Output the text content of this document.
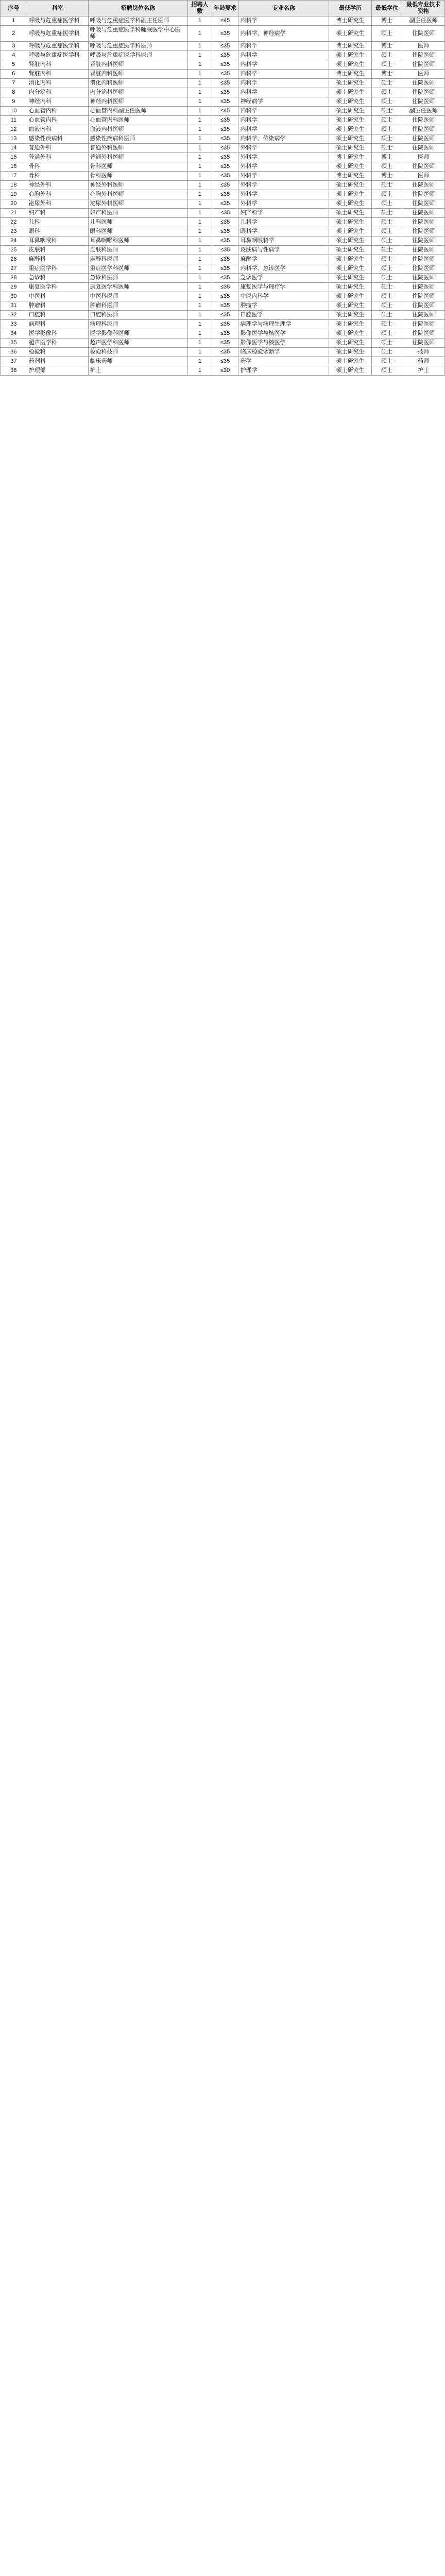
序号	科室	招聘岗位名称	招聘人数	年龄要求	专业名称	最低学历	最低学位	最低专业技术资格
1	呼吸与危重症医学科	呼吸与危重症医学科副主任医师	1	≤45	内科学	博士研究生	博士	副主任医师
2	呼吸与危重症医学科	呼吸与危重症医学科睡眠医学中心医师	1	≤35	内科学、神经病学	硕士研究生	硕士	住院医师
3	呼吸与危重症医学科	呼吸与危重症医学科医师	1	≤35	内科学	博士研究生	博士	医师
4	呼吸与危重症医学科	呼吸与危重症医学科医师	1	≤35	内科学	硕士研究生	硕士	住院医师
5	肾脏内科	肾脏内科医师	1	≤35	内科学	硕士研究生	硕士	住院医师
6	肾脏内科	肾脏内科医师	1	≤35	内科学	博士研究生	博士	医师
7	消化内科	消化内科医师	1	≤35	内科学	硕士研究生	硕士	住院医师
8	内分泌科	内分泌科医师	1	≤35	内科学	硕士研究生	硕士	住院医师
9	神经内科	神经内科医师	1	≤35	神经病学	硕士研究生	硕士	住院医师
10	心血管内科	心血管内科副主任医师	1	≤45	内科学	硕士研究生	硕士	副主任医师
11	心血管内科	心血管内科医师	1	≤35	内科学	硕士研究生	硕士	住院医师
12	血液内科	血液内科医师	1	≤35	内科学	硕士研究生	硕士	住院医师
13	感染性疾病科	感染性疾病科医师	1	≤35	内科学、传染病学	硕士研究生	硕士	住院医师
14	普通外科	普通外科医师	1	≤35	外科学	硕士研究生	硕士	住院医师
15	普通外科	普通外科医师	1	≤35	外科学	博士研究生	博士	医师
16	骨科	骨科医师	1	≤35	外科学	硕士研究生	硕士	住院医师
17	骨科	骨科医师	1	≤35	外科学	博士研究生	博士	医师
18	神经外科	神经外科医师	1	≤35	外科学	硕士研究生	硕士	住院医师
19	心胸外科	心胸外科医师	1	≤35	外科学	硕士研究生	硕士	住院医师
20	泌尿外科	泌尿外科医师	1	≤35	外科学	硕士研究生	硕士	住院医师
21	妇产科	妇产科医师	1	≤35	妇产科学	硕士研究生	硕士	住院医师
22	儿科	儿科医师	1	≤35	儿科学	硕士研究生	硕士	住院医师
23	眼科	眼科医师	1	≤35	眼科学	硕士研究生	硕士	住院医师
24	耳鼻咽喉科	耳鼻咽喉科医师	1	≤35	耳鼻咽喉科学	硕士研究生	硕士	住院医师
25	皮肤科	皮肤科医师	1	≤35	皮肤病与性病学	硕士研究生	硕士	住院医师
26	麻醉科	麻醉科医师	1	≤35	麻醉学	硕士研究生	硕士	住院医师
27	重症医学科	重症医学科医师	1	≤35	内科学、急诊医学	硕士研究生	硕士	住院医师
28	急诊科	急诊科医师	1	≤35	急诊医学	硕士研究生	硕士	住院医师
29	康复医学科	康复医学科医师	1	≤35	康复医学与理疗学	硕士研究生	硕士	住院医师
30	中医科	中医科医师	1	≤35	中医内科学	硕士研究生	硕士	住院医师
31	肿瘤科	肿瘤科医师	1	≤35	肿瘤学	硕士研究生	硕士	住院医师
32	口腔科	口腔科医师	1	≤35	口腔医学	硕士研究生	硕士	住院医师
33	病理科	病理科医师	1	≤35	病理学与病理生理学	硕士研究生	硕士	住院医师
34	医学影像科	医学影像科医师	1	≤35	影像医学与核医学	硕士研究生	硕士	住院医师
35	超声医学科	超声医学科医师	1	≤35	影像医学与核医学	硕士研究生	硕士	住院医师
36	检验科	检验科技师	1	≤35	临床检验诊断学	硕士研究生	硕士	技师
37	药剂科	临床药师	1	≤35	药学	硕士研究生	硕士	药师
38	护理部	护士	1	≤30	护理学	硕士研究生	硕士	护士
